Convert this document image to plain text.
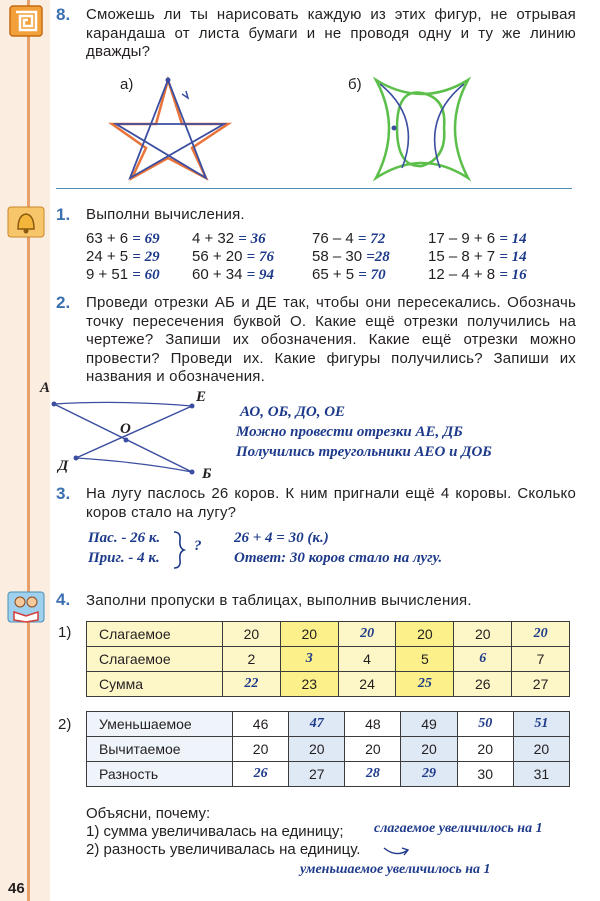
8. Сможешь ли ты нарисовать каждую из этих фигур, не отрывая карандаша от листа бумаги и не проводя одну и ту же линию дважды?
а)	б)
1. Выполни вычисления.
63 + 6 = 69
24 + 5 = 29
9 + 51 = 60
4 + 32 = 36
56 + 20 = 76
60 + 34 = 94
76 – 4 = 72
58 – 30 =28
65 + 5 = 70
17 – 9 + 6 = 14
15 – 8 + 7 = 14
12 – 4 + 8 = 16
2. Проведи отрезки АБ и ДЕ так, чтобы они пересекались. Обозначь точку пересечения буквой О. Какие ещё отрезки получились на чертеже? Запиши их обозначения. Какие ещё отрезки можно провести? Проведи их. Какие фигуры получились? Запиши их названия и обозначения.
А
Е
О
Д	Б
АО, ОБ, ДО, ОЕ
Можно провести отрезки АЕ, ДБ
Получились треугольники АЕО и ДОБ
3. На лугу паслось 26 коров. К ним пригнали ещё 4 коровы. Сколько коров стало на лугу?
Пас. - 26 к.
Приг. - 4 к.
? 26 + 4 = 30 (к.)
Ответ: 30 коров стало на лугу.
4. Заполни пропуски в таблицах, выполнив вычисления.
1) Слагаемое	20	20	20	20	20	20
Слагаемое	2	3	4	5	6	7
Сумма	22	23	24	25	26	27
2) Уменьшаемое	46	47	48	49	50	51
Вычитаемое	20	20	20	20	20	20
Разность	26	27	28	29	30	31
Объясни, почему:
1) сумма увеличивалась на единицу;
2) разность увеличивалась на единицу.
слагаемое увеличилось на 1
уменьшаемое увеличилось на 1
46
